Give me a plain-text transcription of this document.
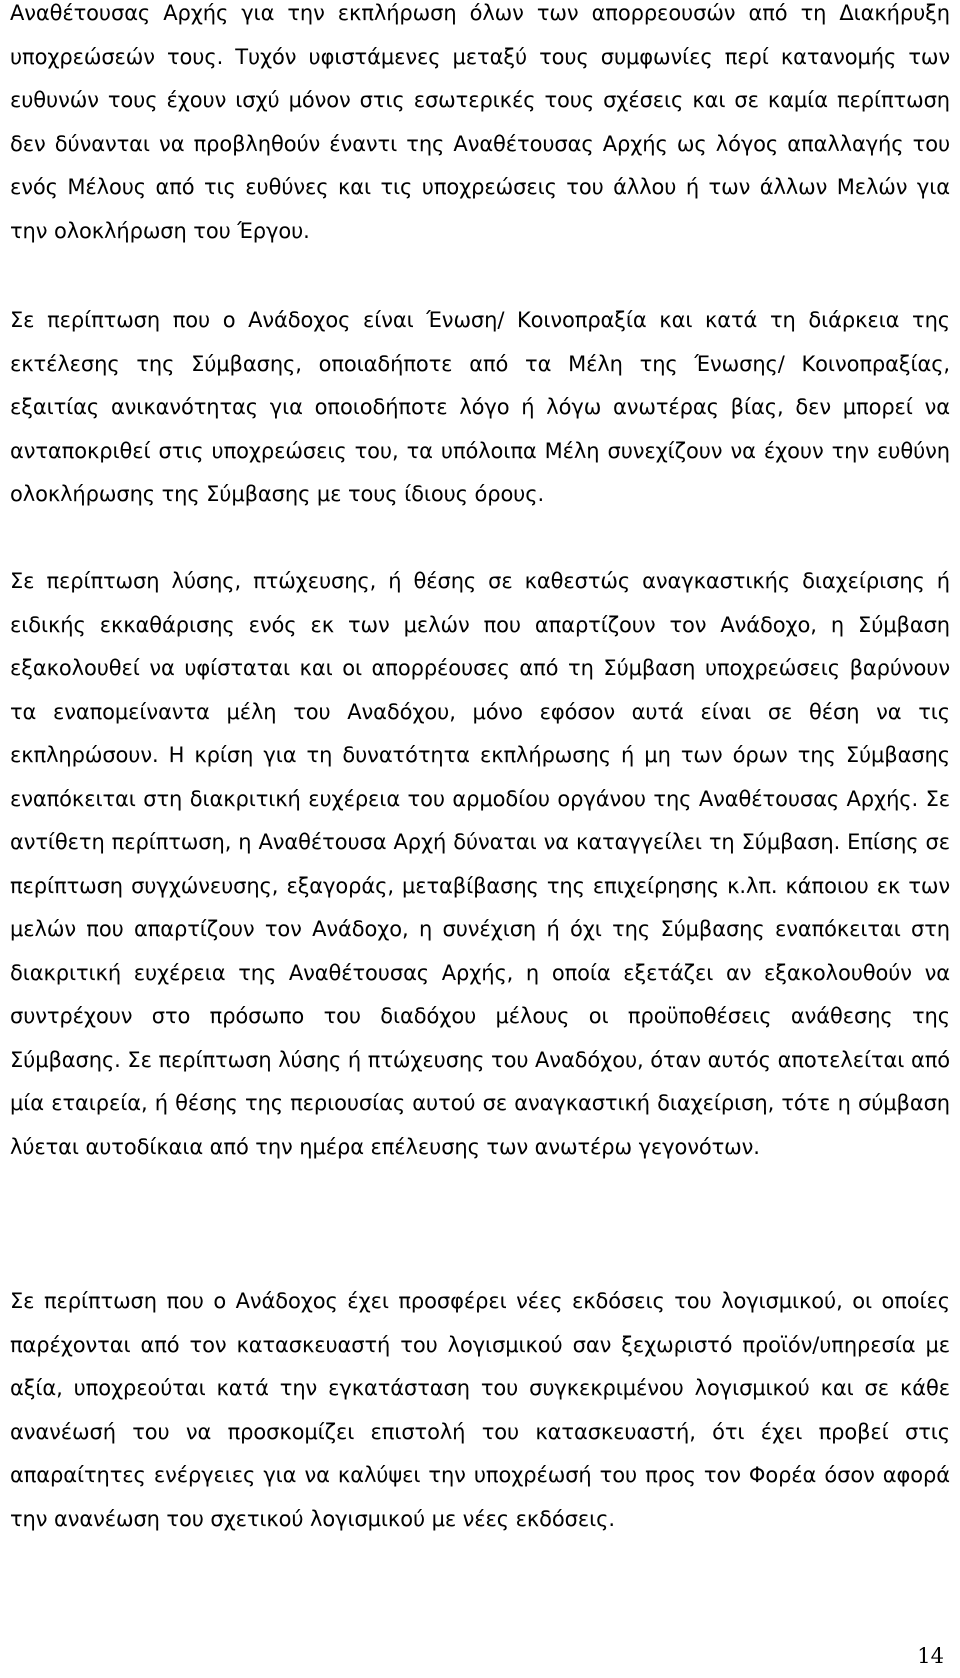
Αναθέτουσας Αρχής για την εκπλήρωση όλων των απορρεουσών από τη Διακήρυξη υποχρεώσεών τους. Τυχόν υφιστάμενες μεταξύ τους συμφωνίες περί κατανομής των ευθυνών τους έχουν ισχύ μόνον στις εσωτερικές τους σχέσεις και σε καμία περίπτωση δεν δύνανται να προβληθούν έναντι της Αναθέτουσας Αρχής ως λόγος απαλλαγής του ενός Μέλους από τις ευθύνες και τις υποχρεώσεις του άλλου ή των άλλων Μελών για την ολοκλήρωση του Έργου.

Σε περίπτωση που ο Ανάδοχος είναι Ένωση/ Κοινοπραξία και κατά τη διάρκεια της εκτέλεσης της Σύμβασης, οποιαδήποτε από τα Μέλη της Ένωσης/ Κοινοπραξίας, εξαιτίας ανικανότητας για οποιοδήποτε λόγο ή λόγω ανωτέρας βίας, δεν μπορεί να ανταποκριθεί στις υποχρεώσεις του, τα υπόλοιπα Μέλη συνεχίζουν να έχουν την ευθύνη ολοκλήρωσης της Σύμβασης με τους ίδιους όρους.

Σε περίπτωση λύσης, πτώχευσης, ή θέσης σε καθεστώς αναγκαστικής διαχείρισης ή ειδικής εκκαθάρισης ενός εκ των μελών που απαρτίζουν τον Ανάδοχο, η Σύμβαση εξακολουθεί να υφίσταται και οι απορρέουσες από τη Σύμβαση υποχρεώσεις βαρύνουν τα εναπομείναντα μέλη του Αναδόχου, μόνο εφόσον αυτά είναι σε θέση να τις εκπληρώσουν. Η κρίση για τη δυνατότητα εκπλήρωσης ή μη των όρων της Σύμβασης εναπόκειται στη διακριτική ευχέρεια του αρμοδίου οργάνου της Αναθέτουσας Αρχής. Σε αντίθετη περίπτωση, η Αναθέτουσα Αρχή δύναται να καταγγείλει τη Σύμβαση. Επίσης σε περίπτωση συγχώνευσης, εξαγοράς, μεταβίβασης της επιχείρησης κ.λπ. κάποιου εκ των μελών που απαρτίζουν τον Ανάδοχο, η συνέχιση ή όχι της Σύμβασης εναπόκειται στη διακριτική ευχέρεια της Αναθέτουσας Αρχής, η οποία εξετάζει αν εξακολουθούν να συντρέχουν στο πρόσωπο του διαδόχου μέλους οι προϋποθέσεις ανάθεσης της Σύμβασης. Σε περίπτωση λύσης ή πτώχευσης του Αναδόχου, όταν αυτός αποτελείται από μία εταιρεία, ή θέσης της περιουσίας αυτού σε αναγκαστική διαχείριση, τότε η σύμβαση λύεται αυτοδίκαια από την ημέρα επέλευσης των ανωτέρω γεγονότων.

Σε περίπτωση που ο Ανάδοχος έχει προσφέρει νέες εκδόσεις του λογισμικού, οι οποίες παρέχονται από τον κατασκευαστή του λογισμικού σαν ξεχωριστό προϊόν/υπηρεσία με αξία, υποχρεούται κατά την εγκατάσταση του συγκεκριμένου λογισμικού και σε κάθε ανανέωσή του να προσκομίζει επιστολή του κατασκευαστή, ότι έχει προβεί στις απαραίτητες ενέργειες για να καλύψει την υποχρέωσή του προς τον Φορέα όσον αφορά την ανανέωση του σχετικού λογισμικού με νέες εκδόσεις.

14
